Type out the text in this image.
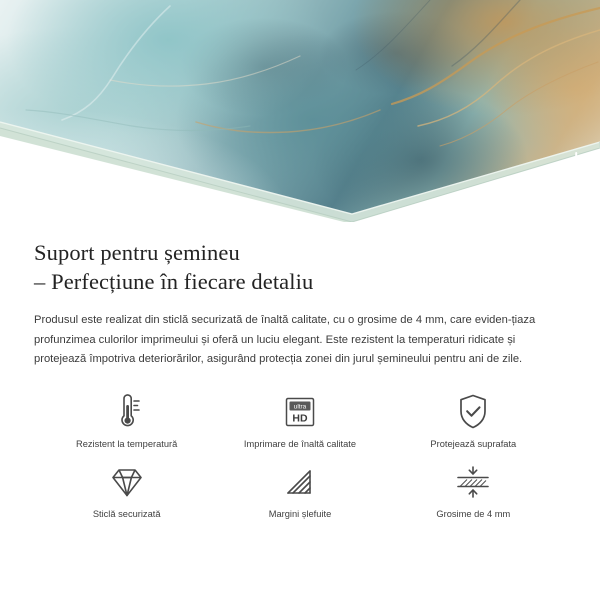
Suport pentru șemineu
– Perfecțiune în fiecare detaliu

Produsul este realizat din sticlă securizată de înaltă calitate, cu o grosime de 4 mm, care eviden-țiaza profunzimea culorilor imprimeului și oferă un luciu elegant. Este rezistent la temperaturi ridicate și protejează împotriva deteriorărilor, asigurând protecția zonei din jurul șemineului pentru ani de zile.

Rezistent la temperatură
ultra
HD
Imprimare de înaltă calitate	Protejează suprafata
Sticlă securizată	Margini șlefuite	Grosime de 4 mm
